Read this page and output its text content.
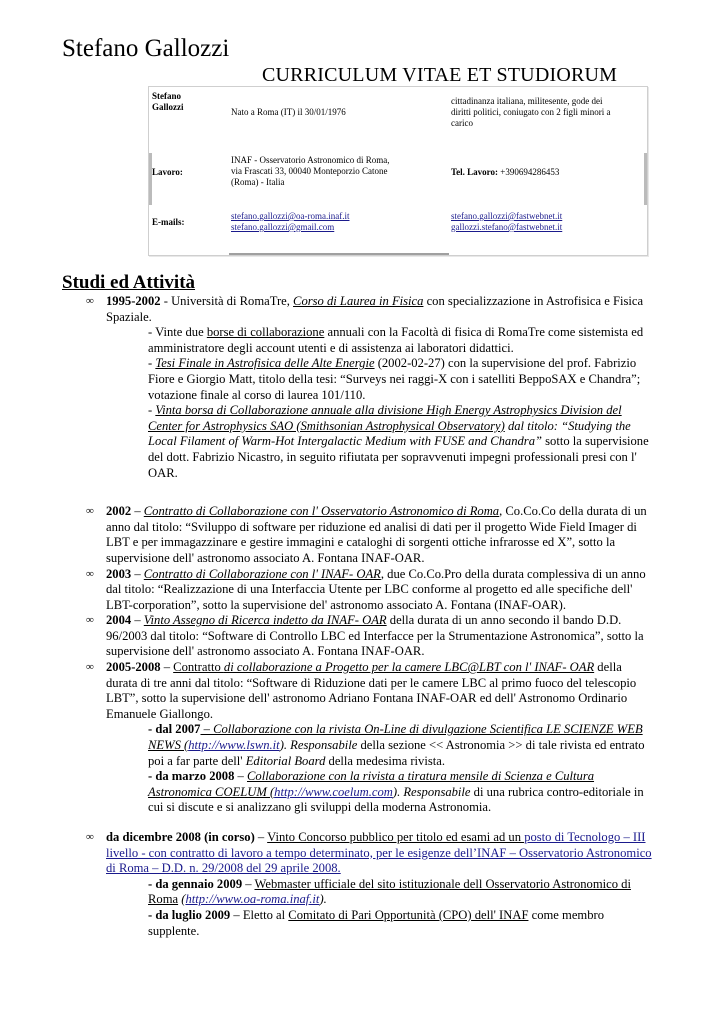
Stefano Gallozzi
CURRICULUM VITAE ET STUDIORUM
Stefano
Gallozzi	Nato a Roma (IT) il 30/01/1976
cittadinanza italiana, militesente, gode dei diritti politici, coniugato con 2 figli minori a carico
Lavoro:
INAF - Osservatorio Astronomico di Roma,
via Frascati 33, 00040 Monteporzio Catone
(Roma) - Italia
Tel. Lavoro: +390694286453
E-mails:
stefano.gallozzi@oa-roma.inaf.it
stefano.gallozzi@gmail.com
stefano.gallozzi@fastwebnet.it
gallozzi.stefano@fastwebnet.it
Studi ed Attività
∞ 1995-2002 - Università di RomaTre, Corso di Laurea in Fisica con specializzazione in Astrofisica e Fisica Spaziale.
- Vinte due borse di collaborazione annuali con la Facoltà di fisica di RomaTre come sistemista ed amministratore degli account utenti e di assistenza ai laboratori didattici.
- Tesi Finale in Astrofisica delle Alte Energie (2002-02-27) con la supervisione del prof. Fabrizio Fiore e Giorgio Matt, titolo della tesi: “Surveys nei raggi-X con i satelliti BeppoSAX e Chandra”; votazione finale al corso di laurea 101/110.
- Vinta borsa di Collaborazione annuale alla divisione High Energy Astrophysics Division del Center for Astrophysics SAO (Smithsonian Astrophysical Observatory) dal titolo: “Studying the Local Filament of Warm-Hot Intergalactic Medium with FUSE and Chandra” sotto la supervisione del dott. Fabrizio Nicastro, in seguito rifiutata per sopravvenuti impegni professionali presi con l' OAR.
∞ 2002 – Contratto di Collaborazione con l' Osservatorio Astronomico di Roma, Co.Co.Co della durata di un anno dal titolo: “Sviluppo di software per riduzione ed analisi di dati per il progetto Wide Field Imager di LBT e per immagazzinare e gestire immagini e cataloghi di sorgenti ottiche infrarosse ed X”, sotto la supervisione dell' astronomo associato A. Fontana INAF-OAR.
∞ 2003 – Contratto di Collaborazione con l' INAF- OAR, due Co.Co.Pro della durata complessiva di un anno dal titolo: “Realizzazione di una Interfaccia Utente per LBC conforme al progetto ed alle specifiche dell' LBT-corporation”, sotto la supervisione del' astronomo associato A. Fontana (INAF-OAR).
∞ 2004 – Vinto Assegno di Ricerca indetto da INAF- OAR della durata di un anno secondo il bando D.D. 96/2003 dal titolo: “Software di Controllo LBC ed Interfacce per la Strumentazione Astronomica”, sotto la supervisione dell' astronomo associato A. Fontana INAF-OAR.
∞ 2005-2008 – Contratto di collaborazione a Progetto per la camere LBC@LBT con l' INAF- OAR della durata di tre anni dal titolo: “Software di Riduzione dati per le camere LBC al primo fuoco del telescopio LBT”, sotto la supervisione dell' astronomo Adriano Fontana INAF-OAR ed dell' Astronomo Ordinario Emanuele Giallongo.
- dal 2007 – Collaborazione con la rivista On-Line di divulgazione Scientifica LE SCIENZE WEB NEWS (http://www.lswn.it). Responsabile della sezione << Astronomia >> di tale rivista ed entrato poi a far parte dell' Editorial Board della medesima rivista.
- da marzo 2008 – Collaborazione con la rivista a tiratura mensile di Scienza e Cultura Astronomica COELUM (http://www.coelum.com). Responsabile di una rubrica contro-editoriale in cui si discute e si analizzano gli sviluppi della moderna Astronomia.
∞ da dicembre 2008 (in corso) – Vinto Concorso pubblico per titolo ed esami ad un posto di Tecnologo – III livello - con contratto di lavoro a tempo determinato, per le esigenze dell’INAF – Osservatorio Astronomico di Roma – D.D. n. 29/2008 del 29 aprile 2008.
- da gennaio 2009 – Webmaster ufficiale del sito istituzionale dell Osservatorio Astronomico di Roma (http://www.oa-roma.inaf.it).
- da luglio 2009 – Eletto al Comitato di Pari Opportunità (CPO) dell' INAF come membro supplente.
